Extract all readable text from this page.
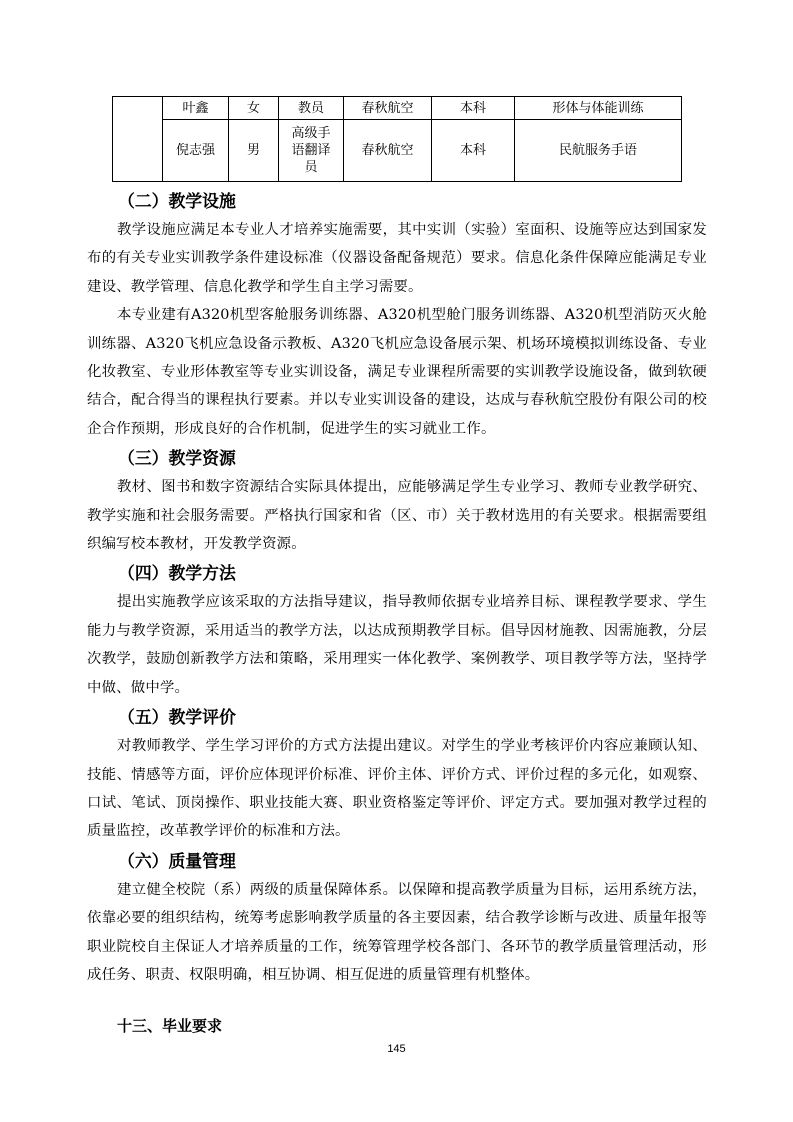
	叶鑫	女	教员	春秋航空	本科	形体与体能训练
	倪志强	男	高级手语翻译员	春秋航空	本科	民航服务手语
（二）教学设施

教学设施应满足本专业人才培养实施需要，其中实训（实验）室面积、设施等应达到国家发布的有关专业实训教学条件建设标准（仪器设备配备规范）要求。信息化条件保障应能满足专业建设、教学管理、信息化教学和学生自主学习需要。

本专业建有A320机型客舱服务训练器、A320机型舱门服务训练器、A320机型消防灭火舱训练器、A320飞机应急设备示教板、A320飞机应急设备展示架、机场环境模拟训练设备、专业化妆教室、专业形体教室等专业实训设备，满足专业课程所需要的实训教学设施设备，做到软硬结合，配合得当的课程执行要素。并以专业实训设备的建设，达成与春秋航空股份有限公司的校企合作预期，形成良好的合作机制，促进学生的实习就业工作。

（三）教学资源

教材、图书和数字资源结合实际具体提出，应能够满足学生专业学习、教师专业教学研究、教学实施和社会服务需要。严格执行国家和省（区、市）关于教材选用的有关要求。根据需要组织编写校本教材，开发教学资源。

（四）教学方法

提出实施教学应该采取的方法指导建议，指导教师依据专业培养目标、课程教学要求、学生能力与教学资源，采用适当的教学方法，以达成预期教学目标。倡导因材施教、因需施教，分层次教学，鼓励创新教学方法和策略，采用理实一体化教学、案例教学、项目教学等方法，坚持学中做、做中学。

（五）教学评价

对教师教学、学生学习评价的方式方法提出建议。对学生的学业考核评价内容应兼顾认知、技能、情感等方面，评价应体现评价标准、评价主体、评价方式、评价过程的多元化，如观察、口试、笔试、顶岗操作、职业技能大赛、职业资格鉴定等评价、评定方式。要加强对教学过程的质量监控，改革教学评价的标准和方法。

（六）质量管理

建立健全校院（系）两级的质量保障体系。以保障和提高教学质量为目标，运用系统方法，依靠必要的组织结构，统筹考虑影响教学质量的各主要因素，结合教学诊断与改进、质量年报等职业院校自主保证人才培养质量的工作，统筹管理学校各部门、各环节的教学质量管理活动，形成任务、职责、权限明确，相互协调、相互促进的质量管理有机整体。

十三、毕业要求
145
